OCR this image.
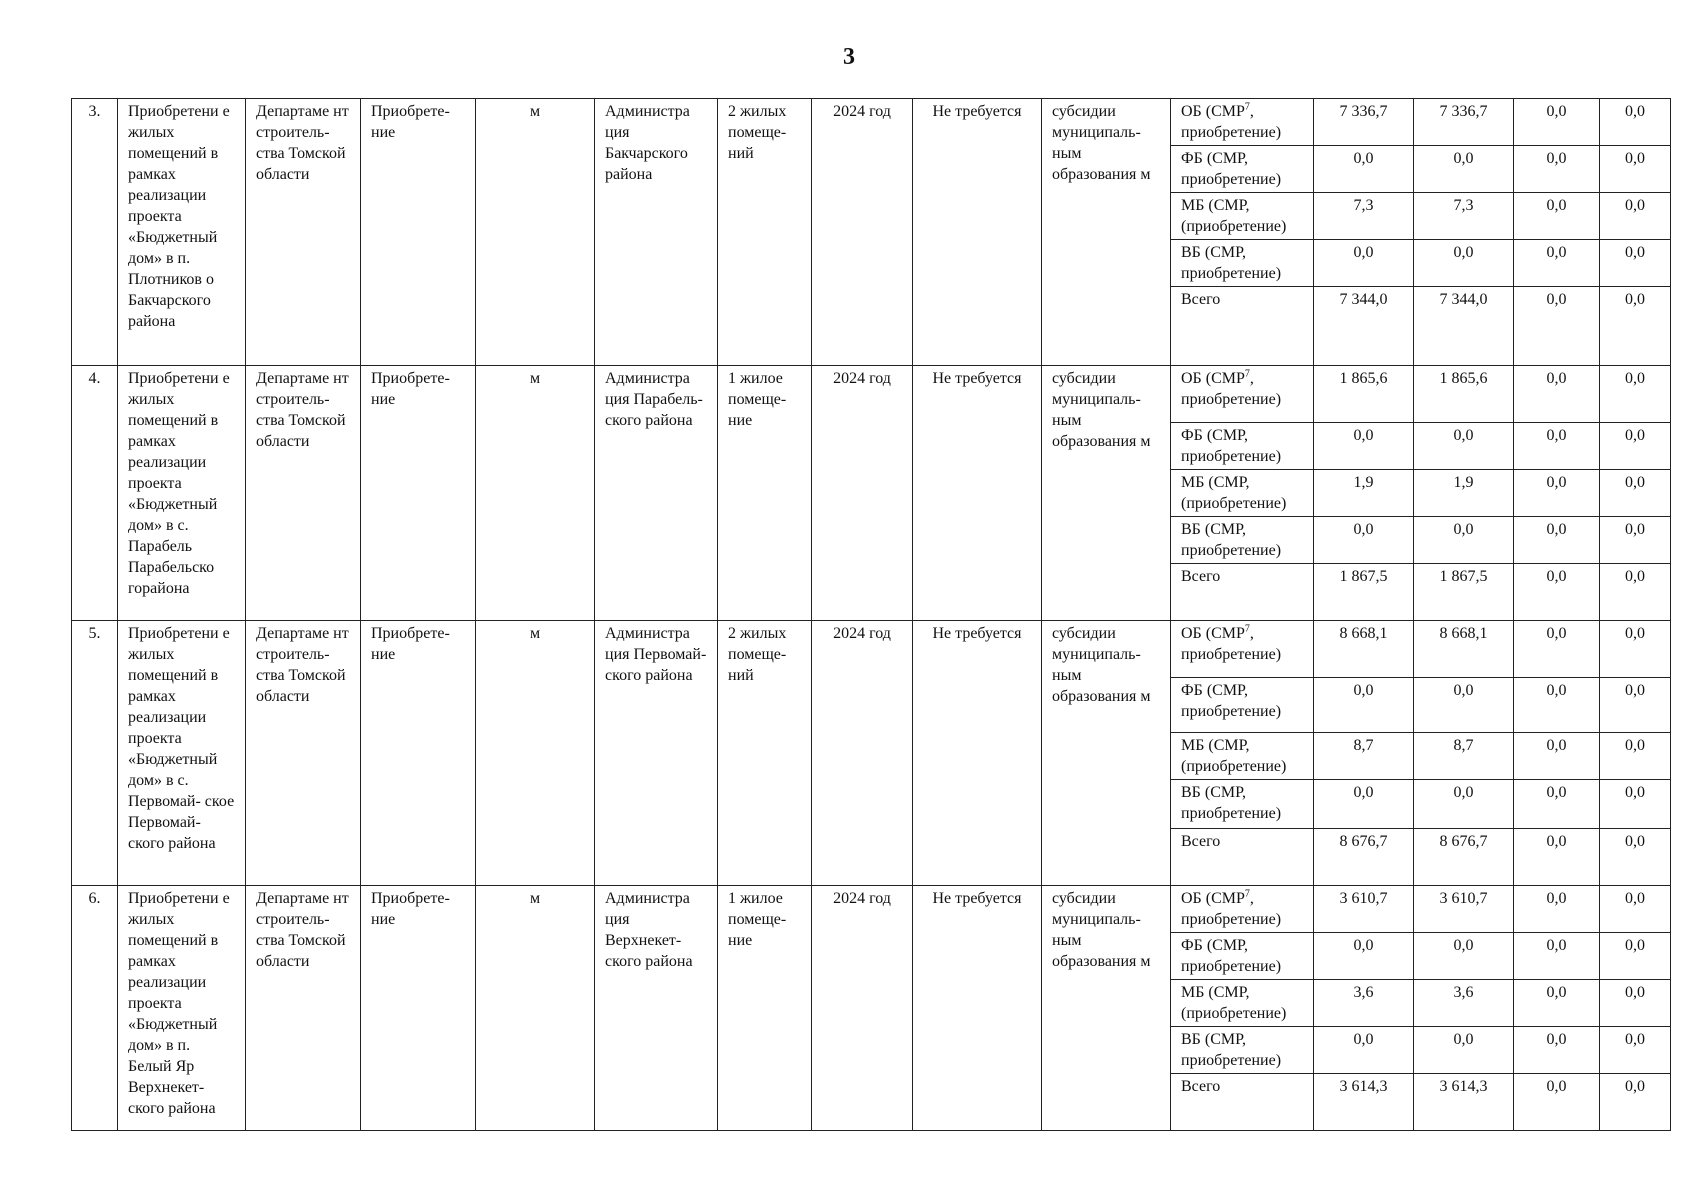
3
3.	Приобретени е жилых помещений в рамках реализации проекта «Бюджетный дом» в п. Плотников о Бакчарского района	Департаме нт строитель- ства Томской области	Приобрете- ние	м	Администра ция Бакчарского района	2 жилых помеще- ний	2024 год	Не требуется	субсидии муниципаль- ным образования м	ОБ (СМР$^7$, приобретение)	7 336,7	7 336,7	0,0	0,0
										ФБ (СМР, приобретение)	0,0	0,0	0,0	0,0
										МБ (СМР, (приобретение)	7,3	7,3	0,0	0,0
										ВБ (СМР, приобретение)	0,0	0,0	0,0	0,0
										Всего	7 344,0	7 344,0	0,0	0,0
4.	Приобретени е жилых помещений в рамках реализации проекта «Бюджетный дом» в с. Парабель Парабельско горайона	Департаме нт строитель- ства Томской области	Приобрете- ние	м	Администра ция Парабель- ского района	1 жилое помеще- ние	2024 год	Не требуется	субсидии муниципаль- ным образования м	ОБ (СМР$^7$, приобретение)	1 865,6	1 865,6	0,0	0,0
										ФБ (СМР, приобретение)	0,0	0,0	0,0	0,0
										МБ (СМР, (приобретение)	1,9	1,9	0,0	0,0
										ВБ (СМР, приобретение)	0,0	0,0	0,0	0,0
										Всего	1 867,5	1 867,5	0,0	0,0
5.	Приобретени е жилых помещений в рамках реализации проекта «Бюджетный дом» в с. Первомай- ское Первомай- ского района	Департаме нт строитель- ства Томской области	Приобрете- ние	м	Администра ция Первомай- ского района	2 жилых помеще- ний	2024 год	Не требуется	субсидии муниципаль- ным образования м	ОБ (СМР$^7$, приобретение)	8 668,1	8 668,1	0,0	0,0
										ФБ (СМР, приобретение)	0,0	0,0	0,0	0,0
										МБ (СМР, (приобретение)	8,7	8,7	0,0	0,0
										ВБ (СМР, приобретение)	0,0	0,0	0,0	0,0
										Всего	8 676,7	8 676,7	0,0	0,0
6.	Приобретени е жилых помещений в рамках реализации проекта «Бюджетный дом» в п. Белый Яр Верхнекет- ского района	Департаме нт строитель- ства Томской области	Приобрете- ние	м	Администра ция Верхнекет- ского района	1 жилое помеще- ние	2024 год	Не требуется	субсидии муниципаль- ным образования м	ОБ (СМР$^7$, приобретение)	3 610,7	3 610,7	0,0	0,0
										ФБ (СМР, приобретение)	0,0	0,0	0,0	0,0
										МБ (СМР, (приобретение)	3,6	3,6	0,0	0,0
										ВБ (СМР, приобретение)	0,0	0,0	0,0	0,0
										Всего	3 614,3	3 614,3	0,0	0,0
